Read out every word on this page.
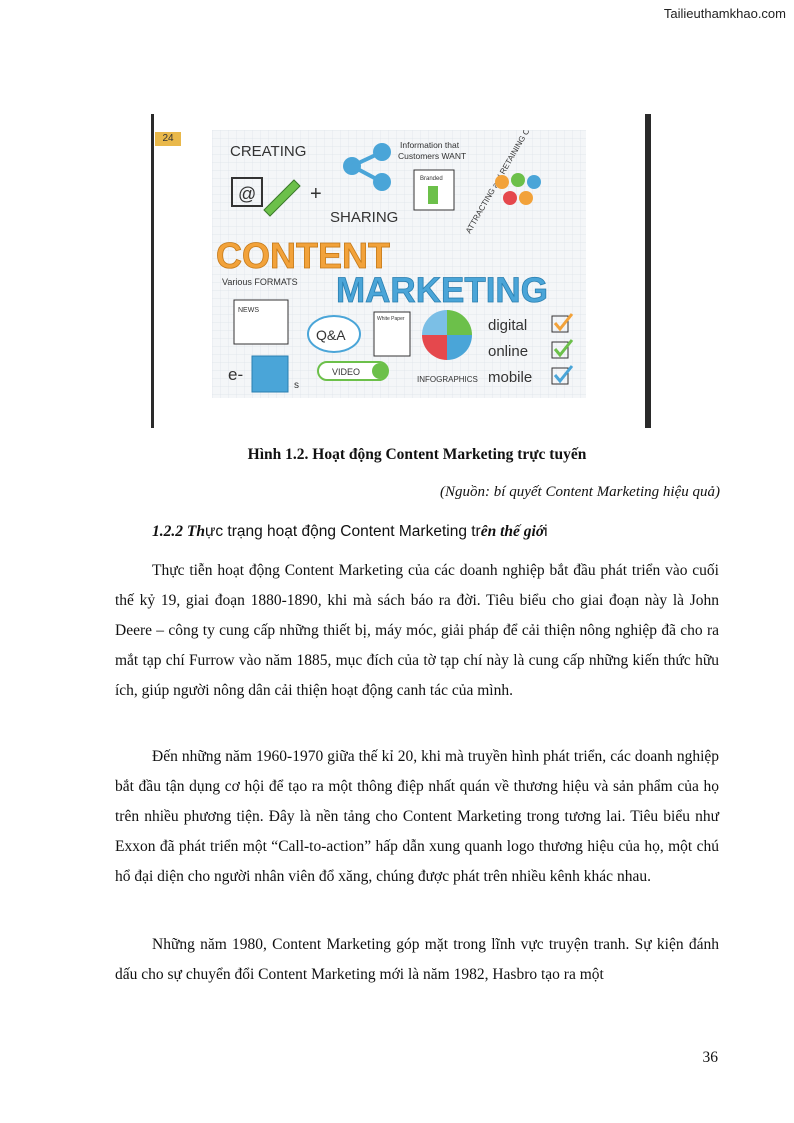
Tailieuthamkhao.com
24
CREATING
@	+
SHARING
Information that
Customers WANT
Branded
ATTRACTING RETAINING
CONTENT
Various FORMATS MARKETING
NEWS
Q&A
White Paper
INFOGRAPHICS
digital
online
mobile
e-
s
VIDEO
Hình 1.2. Hoạt động Content Marketing trực tuyến
(Nguồn: bí quyết Content Marketing hiệu quả)
1.2.2 Thực trạng hoạt động Content Marketing trên thế giới

Thực tiễn hoạt động Content Marketing của các doanh nghiệp bắt đầu phát triển vào cuối thế kỷ 19, giai đoạn 1880-1890, khi mà sách báo ra đời. Tiêu biểu cho giai đoạn này là John Deere – công ty cung cấp những thiết bị, máy móc, giải pháp để cải thiện nông nghiệp đã cho ra mắt tạp chí Furrow vào năm 1885, mục đích của tờ tạp chí này là cung cấp những kiến thức hữu ích, giúp người nông dân cải thiện hoạt động canh tác của mình.

Đến những năm 1960-1970 giữa thế kỉ 20, khi mà truyền hình phát triển, các doanh nghiệp bắt đầu tận dụng cơ hội để tạo ra một thông điệp nhất quán về thương hiệu và sản phẩm của họ trên nhiều phương tiện. Đây là nền tảng cho Content Marketing trong tương lai. Tiêu biểu như Exxon đã phát triển một “Call-to-action” hấp dẫn xung quanh logo thương hiệu của họ, một chú hổ đại diện cho người nhân viên đổ xăng, chúng được phát trên nhiều kênh khác nhau.

Những năm 1980, Content Marketing góp mặt trong lĩnh vực truyện tranh. Sự kiện đánh dấu cho sự chuyển đổi Content Marketing mới là năm 1982, Hasbro tạo ra một

36
